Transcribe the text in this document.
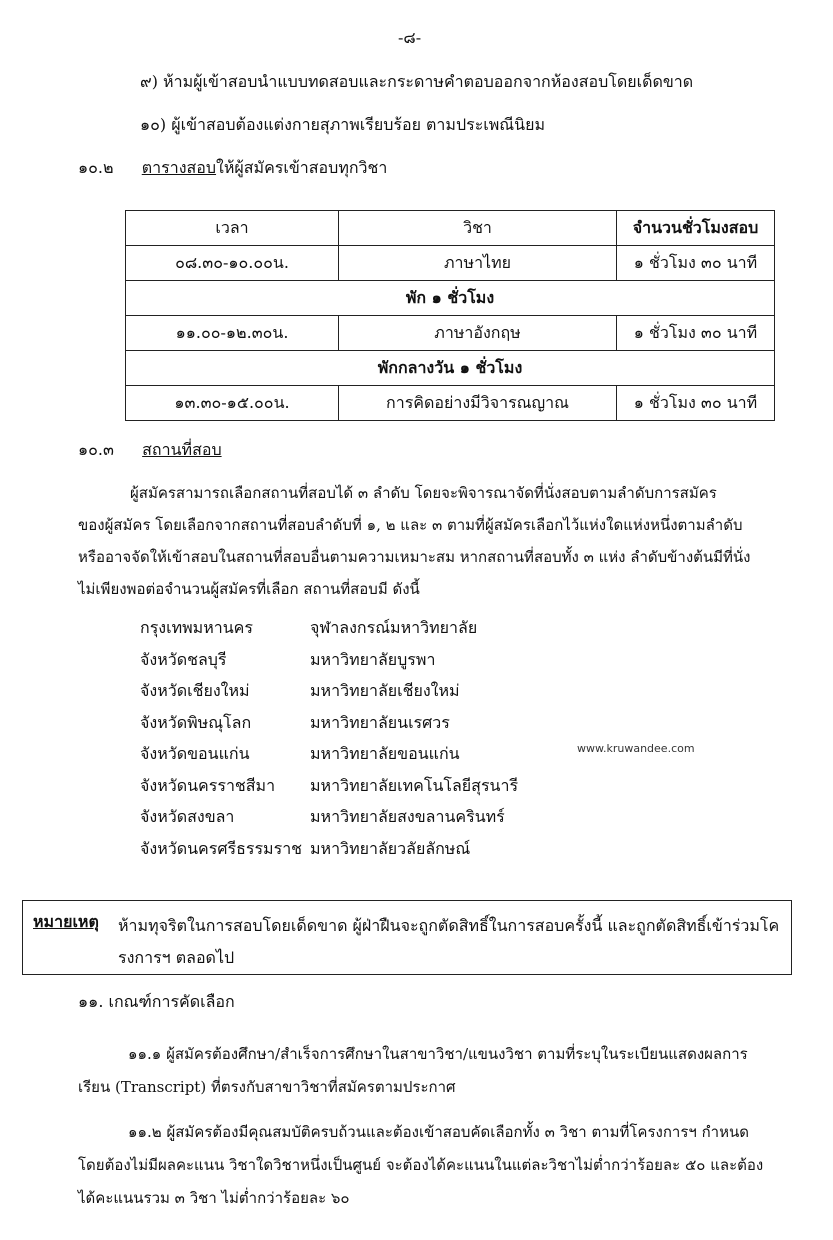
-๘-
๙) ห้ามผู้เข้าสอบนำแบบทดสอบและกระดาษคำตอบออกจากห้องสอบโดยเด็ดขาด
๑๐) ผู้เข้าสอบต้องแต่งกายสุภาพเรียบร้อย ตามประเพณีนิยม
๑๐.๒ ตารางสอบให้ผู้สมัครเข้าสอบทุกวิชา
เวลา	วิชา	จำนวนชั่วโมงสอบ
๐๘.๓๐-๑๐.๐๐น.	ภาษาไทย	๑ ชั่วโมง ๓๐ นาที
พัก ๑ ชั่วโมง		
๑๑.๐๐-๑๒.๓๐น.	ภาษาอังกฤษ	๑ ชั่วโมง ๓๐ นาที
พักกลางวัน ๑ ชั่วโมง		
๑๓.๓๐-๑๕.๐๐น.	การคิดอย่างมีวิจารณญาณ	๑ ชั่วโมง ๓๐ นาที
๑๐.๓ สถานที่สอบ
ผู้สมัครสามารถเลือกสถานที่สอบได้ ๓ ลำดับ โดยจะพิจารณาจัดที่นั่งสอบตามลำดับการสมัคร
ของผู้สมัคร โดยเลือกจากสถานที่สอบลำดับที่ ๑, ๒ และ ๓ ตามที่ผู้สมัครเลือกไว้แห่งใดแห่งหนึ่งตามลำดับ
หรืออาจจัดให้เข้าสอบในสถานที่สอบอื่นตามความเหมาะสม หากสถานที่สอบทั้ง ๓ แห่ง ลำดับข้างต้นมีที่นั่ง
ไม่เพียงพอต่อจำนวนผู้สมัครที่เลือก สถานที่สอบมี ดังนี้
กรุงเทพมหานคร	จุฬาลงกรณ์มหาวิทยาลัย
จังหวัดชลบุรี	มหาวิทยาลัยบูรพา
จังหวัดเชียงใหม่	มหาวิทยาลัยเชียงใหม่
จังหวัดพิษณุโลก	มหาวิทยาลัยนเรศวร
จังหวัดขอนแก่น	มหาวิทยาลัยขอนแก่น
จังหวัดนครราชสีมา	มหาวิทยาลัยเทคโนโลยีสุรนารี
จังหวัดสงขลา	มหาวิทยาลัยสงขลานครินทร์
จังหวัดนครศรีธรรมราช มหาวิทยาลัยวลัยลักษณ์
www.kruwandee.com
หมายเหตุ ห้ามทุจริตในการสอบโดยเด็ดขาด ผู้ฝ่าฝืนจะถูกตัดสิทธิ์ในการสอบครั้งนี้ และถูกตัดสิทธิ์เข้าร่วมโครงการฯ ตลอดไป
๑๑. เกณฑ์การคัดเลือก
๑๑.๑ ผู้สมัครต้องศึกษา/สำเร็จการศึกษาในสาขาวิชา/แขนงวิชา ตามที่ระบุในระเบียนแสดงผลการเรียน (Transcript) ที่ตรงกับสาขาวิชาที่สมัครตามประกาศ
๑๑.๒ ผู้สมัครต้องมีคุณสมบัติครบถ้วนและต้องเข้าสอบคัดเลือกทั้ง ๓ วิชา ตามที่โครงการฯ กำหนด โดยต้องไม่มีผลคะแนน วิชาใดวิชาหนึ่งเป็นศูนย์ จะต้องได้คะแนนในแต่ละวิชาไม่ต่ำกว่าร้อยละ ๕๐ และต้องได้คะแนนรวม ๓ วิชา ไม่ต่ำกว่าร้อยละ ๖๐
